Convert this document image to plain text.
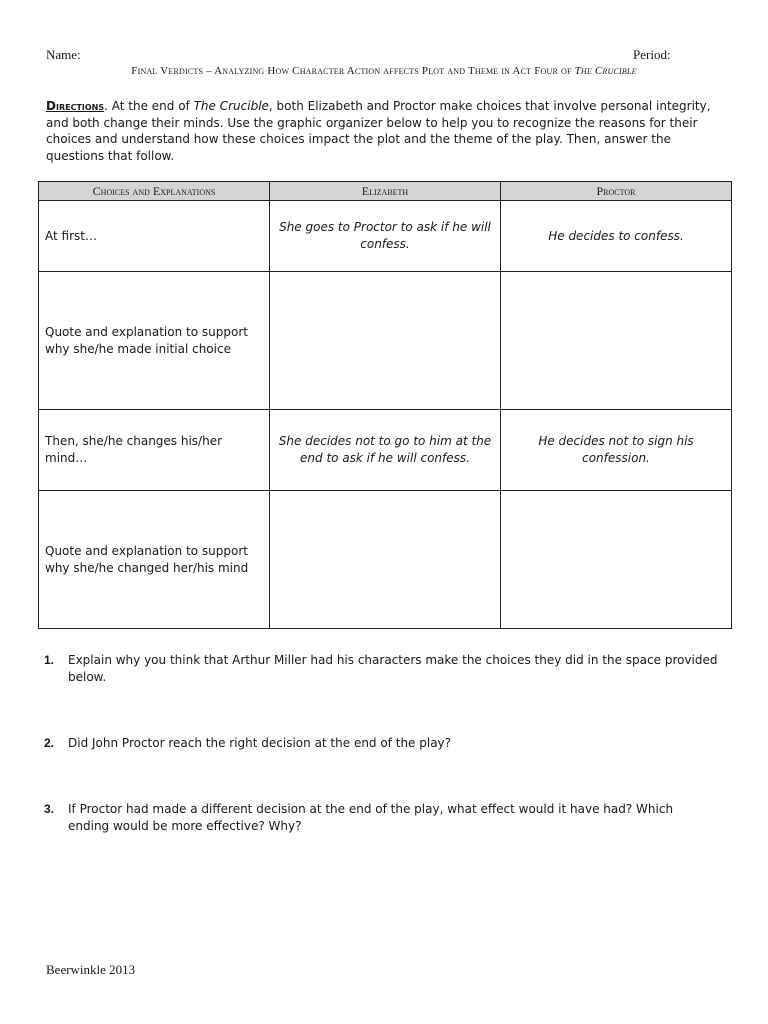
Name:	Period:
Final Verdicts – Analyzing How Character Action affects Plot and Theme in Act Four of The Crucible
Directions. At the end of The Crucible, both Elizabeth and Proctor make choices that involve personal integrity, and both change their minds. Use the graphic organizer below to help you to recognize the reasons for their choices and understand how these choices impact the plot and the theme of the play. Then, answer the questions that follow.
Choices and Explanations	Elizabeth	Proctor
At first…	She goes to Proctor to ask if he will confess.	He decides to confess.
Quote and explanation to support why she/he made initial choice		
Then, she/he changes his/her mind…	She decides not to go to him at the end to ask if he will confess.	He decides not to sign his confession.
Quote and explanation to support why she/he changed her/his mind		
1. Explain why you think that Arthur Miller had his characters make the choices they did in the space provided below.
2. Did John Proctor reach the right decision at the end of the play?
3. If Proctor had made a different decision at the end of the play, what effect would it have had? Which ending would be more effective? Why?
Beerwinkle 2013
